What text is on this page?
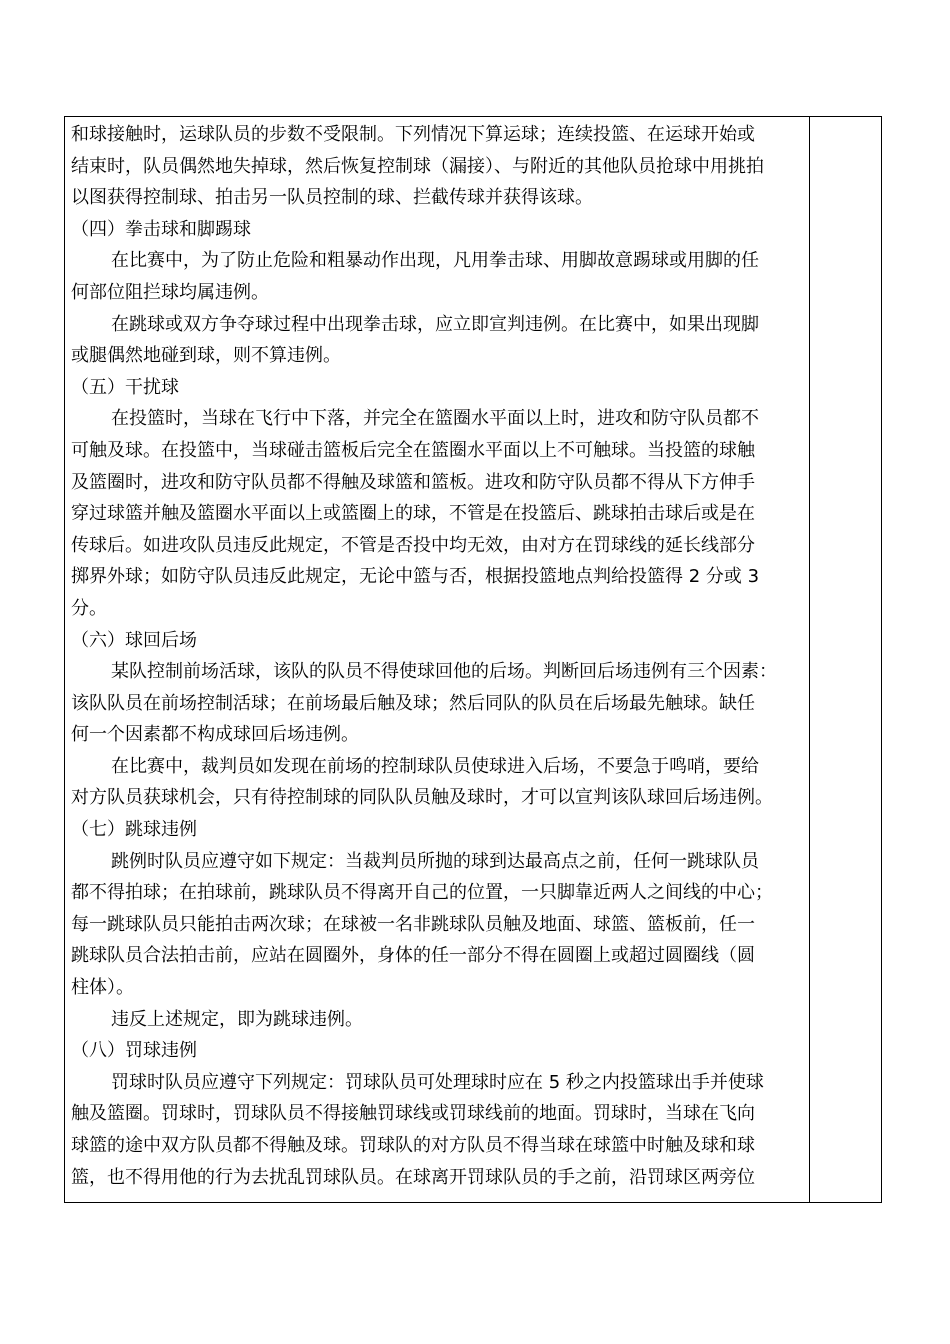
和球接触时，运球队员的步数不受限制。下列情况下算运球；连续投篮、在运球开始或
结束时，队员偶然地失掉球，然后恢复控制球（漏接）、与附近的其他队员抢球中用挑拍
以图获得控制球、拍击另一队员控制的球、拦截传球并获得该球。
（四）拳击球和脚踢球
在比赛中，为了防止危险和粗暴动作出现，凡用拳击球、用脚故意踢球或用脚的任
何部位阻拦球均属违例。
在跳球或双方争夺球过程中出现拳击球，应立即宣判违例。在比赛中，如果出现脚
或腿偶然地碰到球，则不算违例。
（五）干扰球
在投篮时，当球在飞行中下落，并完全在篮圈水平面以上时，进攻和防守队员都不
可触及球。在投篮中，当球碰击篮板后完全在篮圈水平面以上不可触球。当投篮的球触
及篮圈时，进攻和防守队员都不得触及球篮和篮板。进攻和防守队员都不得从下方伸手
穿过球篮并触及篮圈水平面以上或篮圈上的球，不管是在投篮后、跳球拍击球后或是在
传球后。如进攻队员违反此规定，不管是否投中均无效，由对方在罚球线的延长线部分
掷界外球；如防守队员违反此规定，无论中篮与否，根据投篮地点判给投篮得 2 分或 3
分。
（六）球回后场
某队控制前场活球，该队的队员不得使球回他的后场。判断回后场违例有三个因素：
该队队员在前场控制活球；在前场最后触及球；然后同队的队员在后场最先触球。缺任
何一个因素都不构成球回后场违例。
在比赛中，裁判员如发现在前场的控制球队员使球进入后场，不要急于鸣哨，要给
对方队员获球机会，只有待控制球的同队队员触及球时，才可以宣判该队球回后场违例。
（七）跳球违例
跳例时队员应遵守如下规定：当裁判员所抛的球到达最高点之前，任何一跳球队员
都不得拍球；在拍球前，跳球队员不得离开自己的位置，一只脚靠近两人之间线的中心；
每一跳球队员只能拍击两次球；在球被一名非跳球队员触及地面、球篮、篮板前，任一
跳球队员合法拍击前，应站在圆圈外，身体的任一部分不得在圆圈上或超过圆圈线（圆
柱体）。
违反上述规定，即为跳球违例。
（八）罚球违例
罚球时队员应遵守下列规定：罚球队员可处理球时应在 5 秒之内投篮球出手并使球
触及篮圈。罚球时，罚球队员不得接触罚球线或罚球线前的地面。罚球时，当球在飞向
球篮的途中双方队员都不得触及球。罚球队的对方队员不得当球在球篮中时触及球和球
篮，也不得用他的行为去扰乱罚球队员。在球离开罚球队员的手之前，沿罚球区两旁位
